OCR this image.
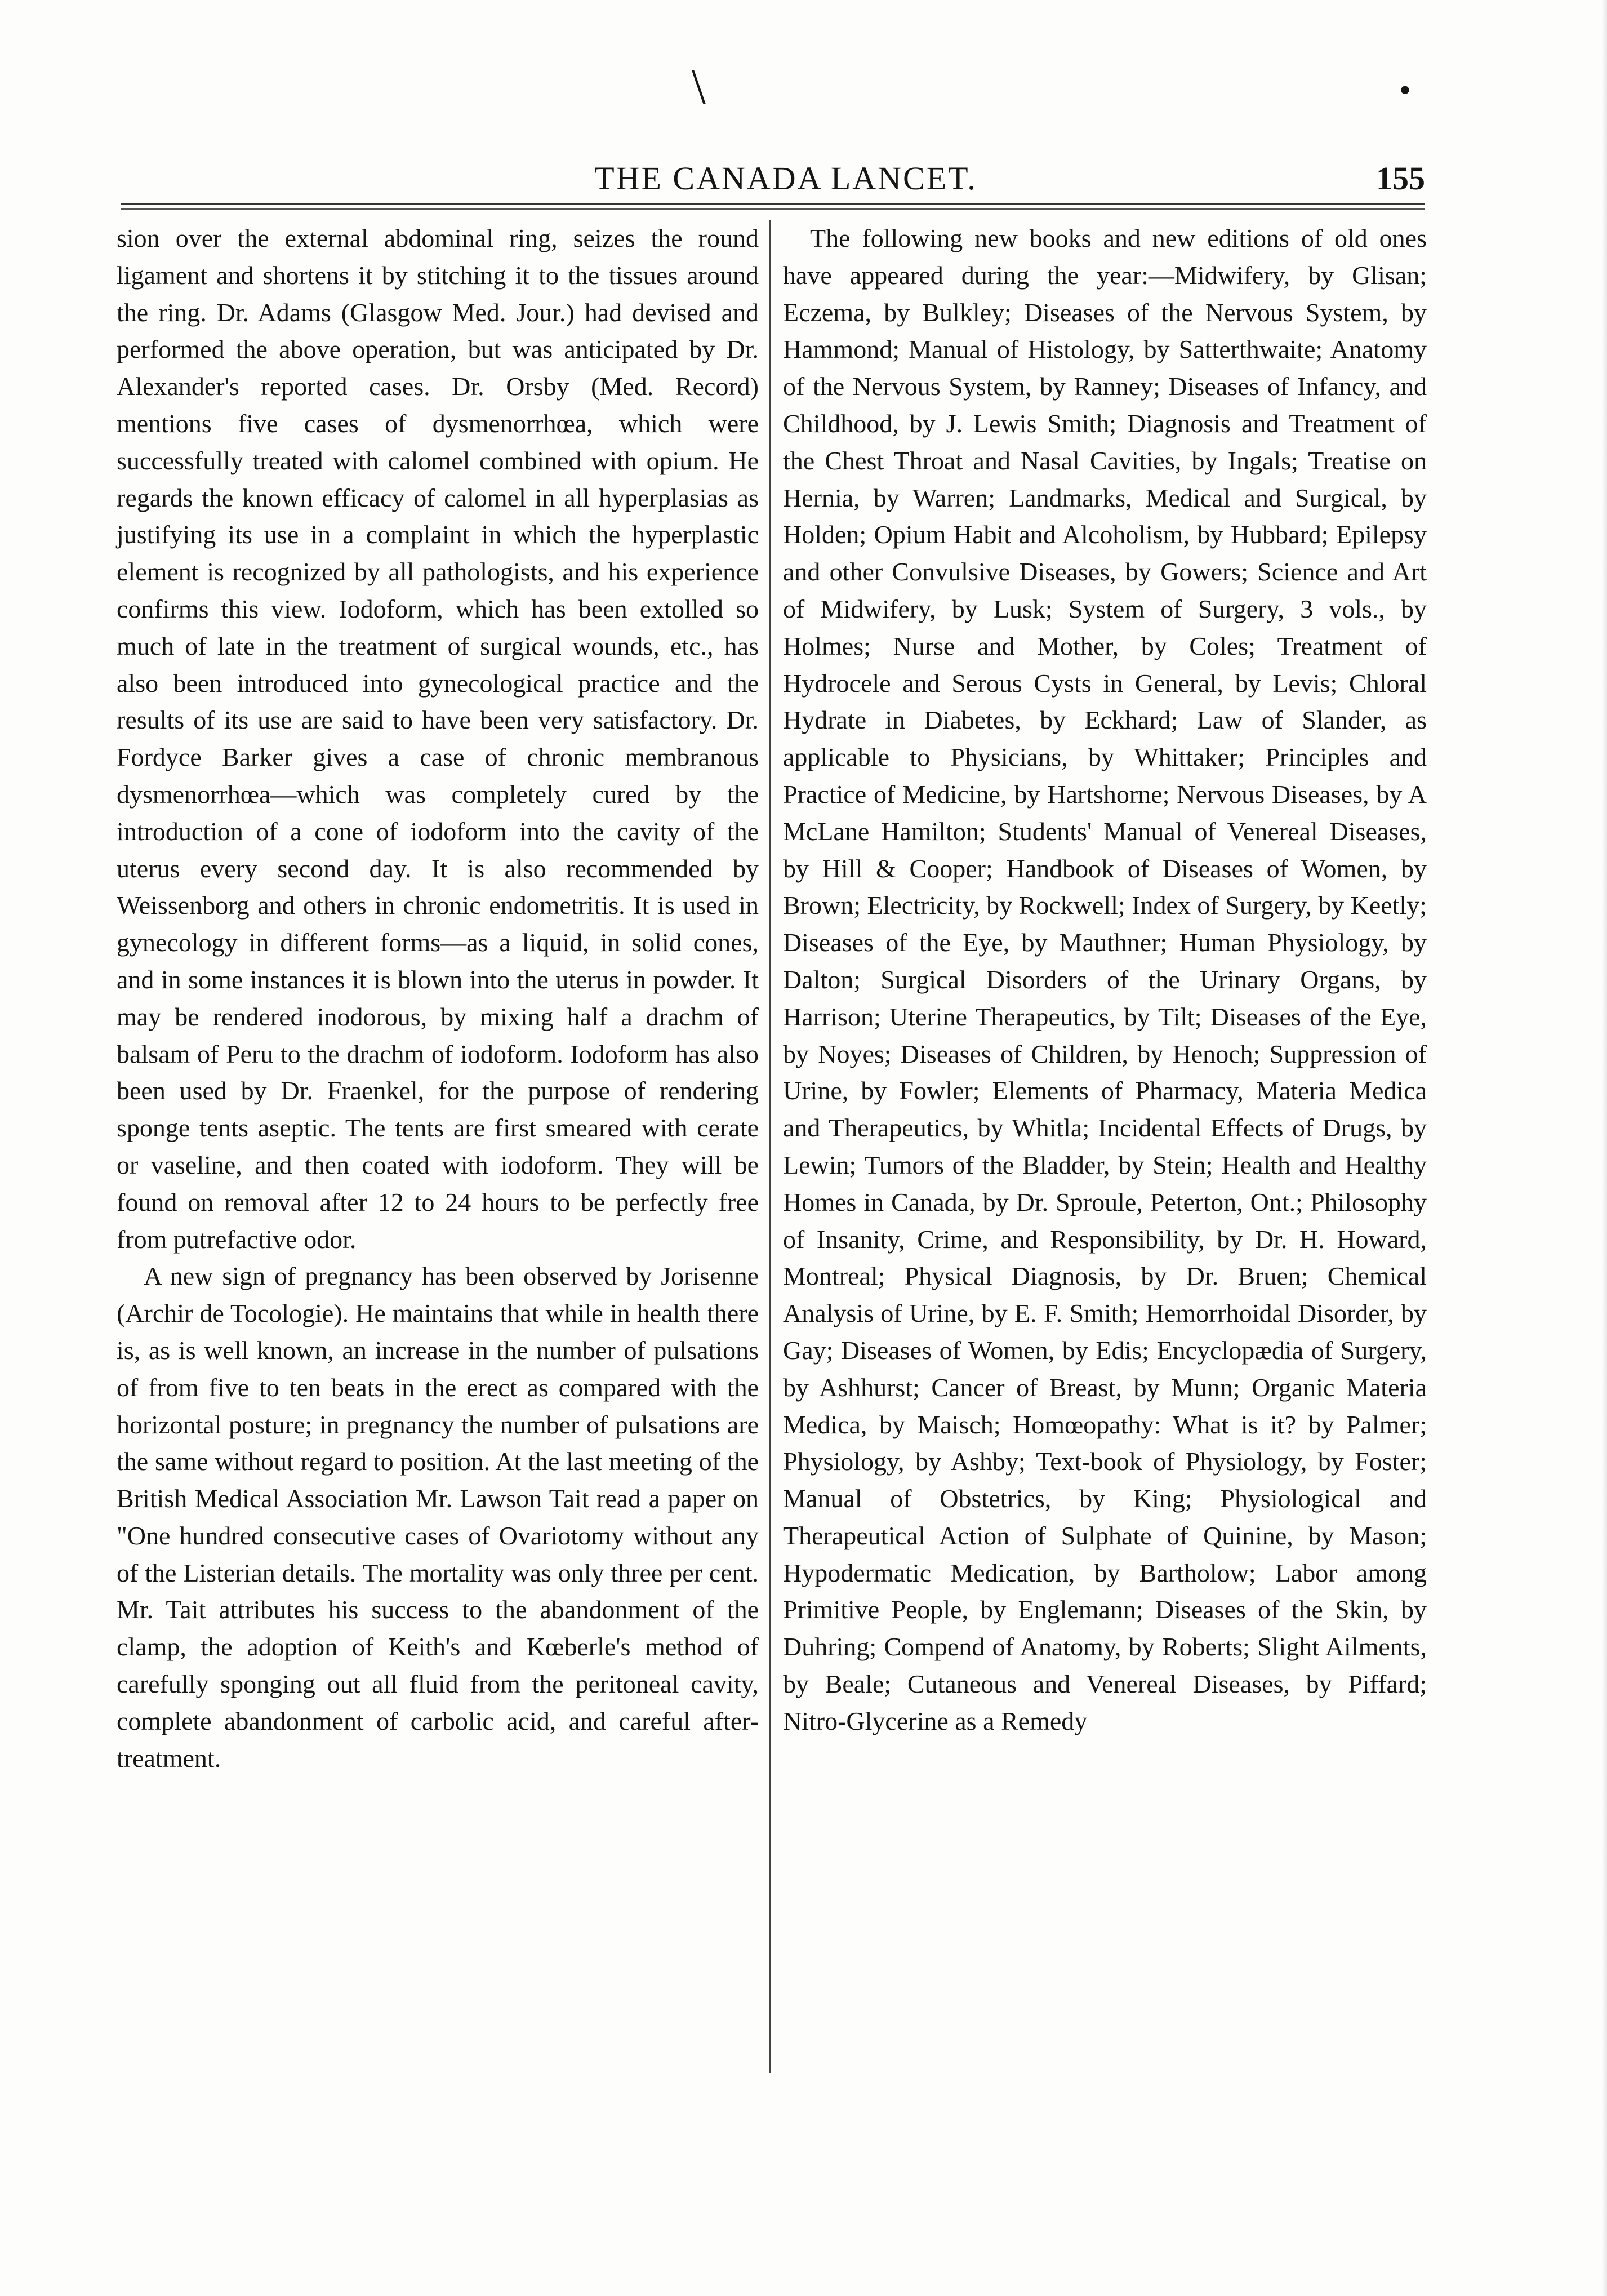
\	•
THE CANADA LANCET.	155

sion over the external abdominal ring, seizes the round ligament and shortens it by stitching it to the tissues around the ring. Dr. Adams (Glasgow Med. Jour.) had devised and performed the above operation, but was anticipated by Dr. Alexander's reported cases. Dr. Orsby (Med. Record) mentions five cases of dysmenorrhœa, which were successfully treated with calomel combined with opium. He regards the known efficacy of calomel in all hyperplasias as justifying its use in a complaint in which the hyperplastic element is recognized by all pathologists, and his experience confirms this view. Iodoform, which has been extolled so much of late in the treatment of surgical wounds, etc., has also been introduced into gynecological practice and the results of its use are said to have been very satisfactory. Dr. Fordyce Barker gives a case of chronic membranous dysmenorrhœa—which was completely cured by the introduction of a cone of iodoform into the cavity of the uterus every second day. It is also recommended by Weissenborg and others in chronic endometritis. It is used in gynecology in different forms—as a liquid, in solid cones, and in some instances it is blown into the uterus in powder. It may be rendered inodorous, by mixing half a drachm of balsam of Peru to the drachm of iodoform. Iodoform has also been used by Dr. Fraenkel, for the purpose of rendering sponge tents aseptic. The tents are first smeared with cerate or vaseline, and then coated with iodoform. They will be found on removal after 12 to 24 hours to be perfectly free from putrefactive odor.

A new sign of pregnancy has been observed by Jorisenne (Archir de Tocologie). He maintains that while in health there is, as is well known, an increase in the number of pulsations of from five to ten beats in the erect as compared with the horizontal posture; in pregnancy the number of pulsations are the same without regard to position. At the last meeting of the British Medical Association Mr. Lawson Tait read a paper on "One hundred consecutive cases of Ovariotomy without any of the Listerian details. The mortality was only three per cent. Mr. Tait attributes his success to the abandonment of the clamp, the adoption of Keith's and Kœberle's method of carefully sponging out all fluid from the peritoneal cavity, complete abandonment of carbolic acid, and careful after-treatment.

The following new books and new editions of old ones have appeared during the year:—Midwifery, by Glisan; Eczema, by Bulkley; Diseases of the Nervous System, by Hammond; Manual of Histology, by Satterthwaite; Anatomy of the Nervous System, by Ranney; Diseases of Infancy, and Childhood, by J. Lewis Smith; Diagnosis and Treatment of the Chest Throat and Nasal Cavities, by Ingals; Treatise on Hernia, by Warren; Landmarks, Medical and Surgical, by Holden; Opium Habit and Alcoholism, by Hubbard; Epilepsy and other Convulsive Diseases, by Gowers; Science and Art of Midwifery, by Lusk; System of Surgery, 3 vols., by Holmes; Nurse and Mother, by Coles; Treatment of Hydrocele and Serous Cysts in General, by Levis; Chloral Hydrate in Diabetes, by Eckhard; Law of Slander, as applicable to Physicians, by Whittaker; Principles and Practice of Medicine, by Hartshorne; Nervous Diseases, by A McLane Hamilton; Students' Manual of Venereal Diseases, by Hill & Cooper; Handbook of Diseases of Women, by Brown; Electricity, by Rockwell; Index of Surgery, by Keetly; Diseases of the Eye, by Mauthner; Human Physiology, by Dalton; Surgical Disorders of the Urinary Organs, by Harrison; Uterine Therapeutics, by Tilt; Diseases of the Eye, by Noyes; Diseases of Children, by Henoch; Suppression of Urine, by Fowler; Elements of Pharmacy, Materia Medica and Therapeutics, by Whitla; Incidental Effects of Drugs, by Lewin; Tumors of the Bladder, by Stein; Health and Healthy Homes in Canada, by Dr. Sproule, Peterton, Ont.; Philosophy of Insanity, Crime, and Responsibility, by Dr. H. Howard, Montreal; Physical Diagnosis, by Dr. Bruen; Chemical Analysis of Urine, by E. F. Smith; Hemorrhoidal Disorder, by Gay; Diseases of Women, by Edis; Encyclopædia of Surgery, by Ashhurst; Cancer of Breast, by Munn; Organic Materia Medica, by Maisch; Homœopathy: What is it? by Palmer; Physiology, by Ashby; Text-book of Physiology, by Foster; Manual of Obstetrics, by King; Physiological and Therapeutical Action of Sulphate of Quinine, by Mason; Hypodermatic Medication, by Bartholow; Labor among Primitive People, by Englemann; Diseases of the Skin, by Duhring; Compend of Anatomy, by Roberts; Slight Ailments, by Beale; Cutaneous and Venereal Diseases, by Piffard; Nitro-Glycerine as a Remedy
